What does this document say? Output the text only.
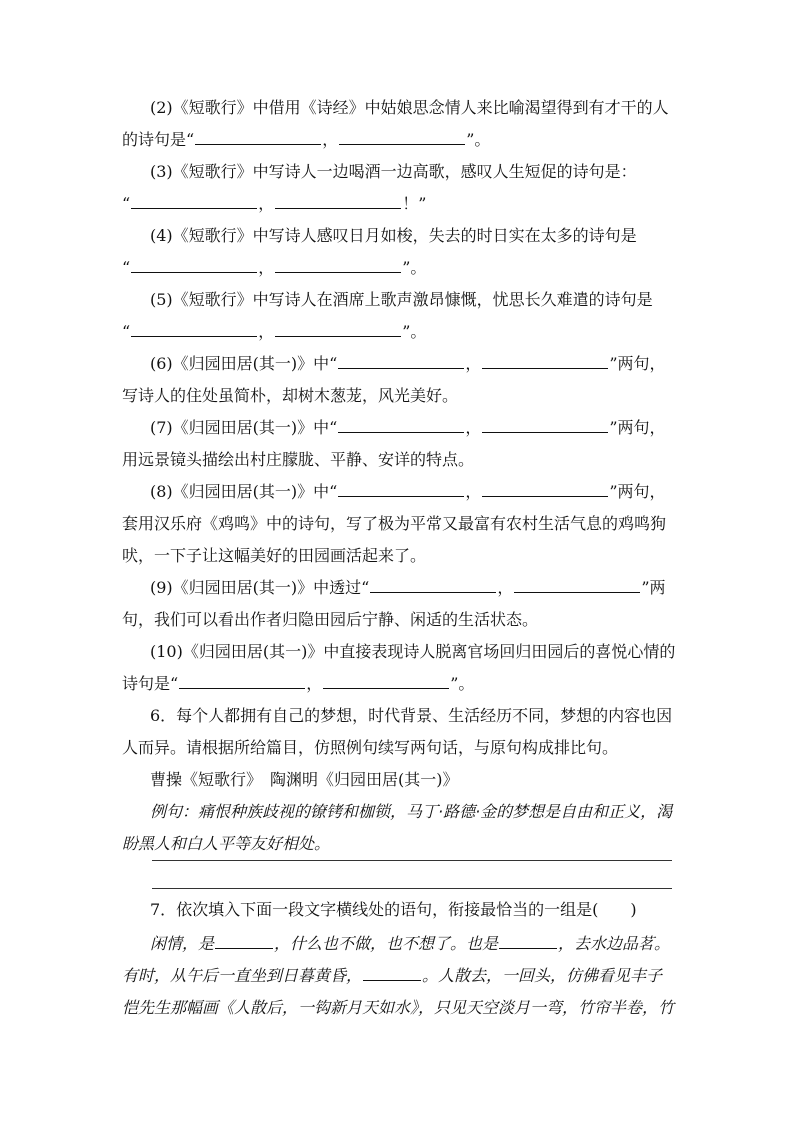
(2)《短歌行》中借用《诗经》中姑娘思念情人来比喻渴望得到有才干的人
的诗句是“	，	”。
(3)《短歌行》中写诗人一边喝酒一边高歌，感叹人生短促的诗句是：
“	，	！”
(4)《短歌行》中写诗人感叹日月如梭，失去的时日实在太多的诗句是
“	，	”。
(5)《短歌行》中写诗人在酒席上歌声激昂慷慨，忧思长久难遣的诗句是
“	，	”。
(6)《归园田居(其一)》中“	，	”两句，
写诗人的住处虽简朴，却树木葱茏，风光美好。
(7)《归园田居(其一)》中“	，	”两句，
用远景镜头描绘出村庄朦胧、平静、安详的特点。
(8)《归园田居(其一)》中“	，	”两句，
套用汉乐府《鸡鸣》中的诗句，写了极为平常又最富有农村生活气息的鸡鸣狗
吠，一下子让这幅美好的田园画活起来了。
(9)《归园田居(其一)》中透过“	，	”两
句，我们可以看出作者归隐田园后宁静、闲适的生活状态。
(10)《归园田居(其一)》中直接表现诗人脱离官场回归田园后的喜悦心情的
诗句是“	，	”。
6．每个人都拥有自己的梦想，时代背景、生活经历不同，梦想的内容也因
人而异。请根据所给篇目，仿照例句续写两句话，与原句构成排比句。
曹操《短歌行》　陶渊明《归园田居(其一)》
例句：痛恨种族歧视的镣铐和枷锁，马丁·路德·金的梦想是自由和正义，渴
盼黑人和白人平等友好相处。
7．依次填入下面一段文字横线处的语句，衔接最恰当的一组是(　　)
闲情，是	，什么也不做，也不想了。也是	，去水边品茗。
有时，从午后一直坐到日暮黄昏，	。人散去，一回头，仿佛看见丰子
恺先生那幅画《人散后，一钩新月天如水》，只见天空淡月一弯，竹帘半卷，竹
